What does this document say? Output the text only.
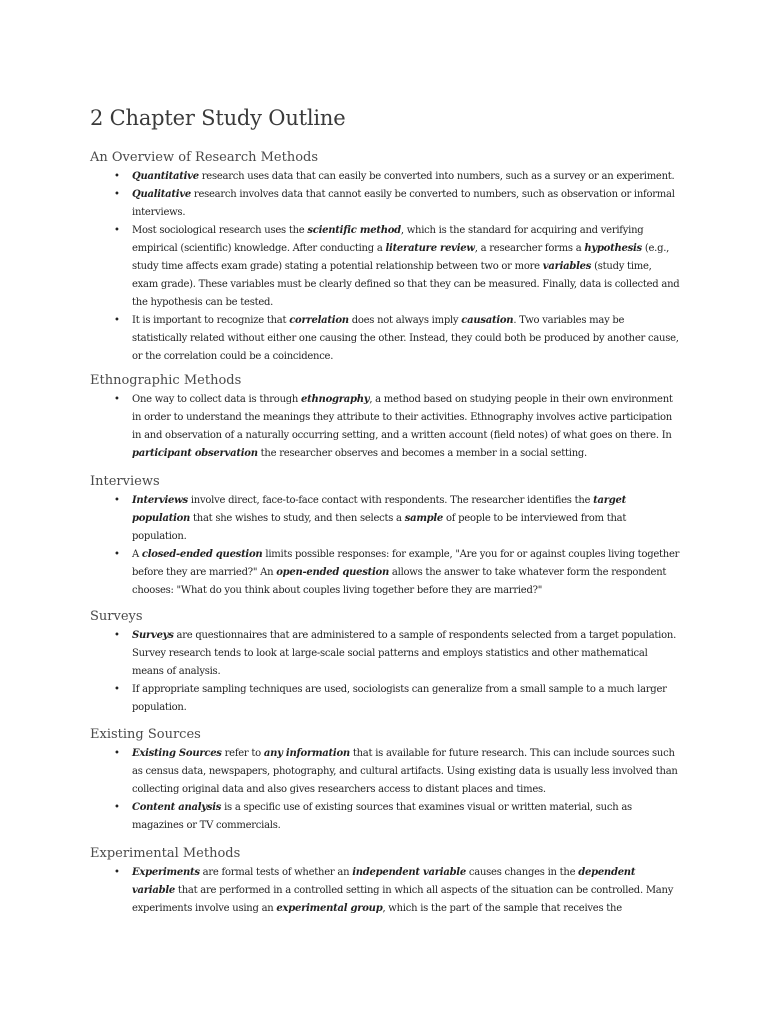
2 Chapter Study Outline
An Overview of Research Methods
• Quantitative research uses data that can easily be converted into numbers, such as a survey or an experiment.
• Qualitative research involves data that cannot easily be converted to numbers, such as observation or informal interviews.
• Most sociological research uses the scientific method, which is the standard for acquiring and verifying empirical (scientific) knowledge. After conducting a literature review, a researcher forms a hypothesis (e.g., study time affects exam grade) stating a potential relationship between two or more variables (study time, exam grade). These variables must be clearly defined so that they can be measured. Finally, data is collected and the hypothesis can be tested.
• It is important to recognize that correlation does not always imply causation. Two variables may be statistically related without either one causing the other. Instead, they could both be produced by another cause, or the correlation could be a coincidence.
Ethnographic Methods
• One way to collect data is through ethnography, a method based on studying people in their own environment in order to understand the meanings they attribute to their activities. Ethnography involves active participation in and observation of a naturally occurring setting, and a written account (field notes) of what goes on there. In participant observation the researcher observes and becomes a member in a social setting.
Interviews
• Interviews involve direct, face-to-face contact with respondents. The researcher identifies the target population that she wishes to study, and then selects a sample of people to be interviewed from that population.
• A closed-ended question limits possible responses: for example, "Are you for or against couples living together before they are married?" An open-ended question allows the answer to take whatever form the respondent chooses: "What do you think about couples living together before they are married?"
Surveys
• Surveys are questionnaires that are administered to a sample of respondents selected from a target population. Survey research tends to look at large-scale social patterns and employs statistics and other mathematical means of analysis.
• If appropriate sampling techniques are used, sociologists can generalize from a small sample to a much larger population.
Existing Sources
• Existing Sources refer to any information that is available for future research. This can include sources such as census data, newspapers, photography, and cultural artifacts. Using existing data is usually less involved than collecting original data and also gives researchers access to distant places and times.
• Content analysis is a specific use of existing sources that examines visual or written material, such as magazines or TV commercials.
Experimental Methods
• Experiments are formal tests of whether an independent variable causes changes in the dependent variable that are performed in a controlled setting in which all aspects of the situation can be controlled. Many experiments involve using an experimental group, which is the part of the sample that receives the
